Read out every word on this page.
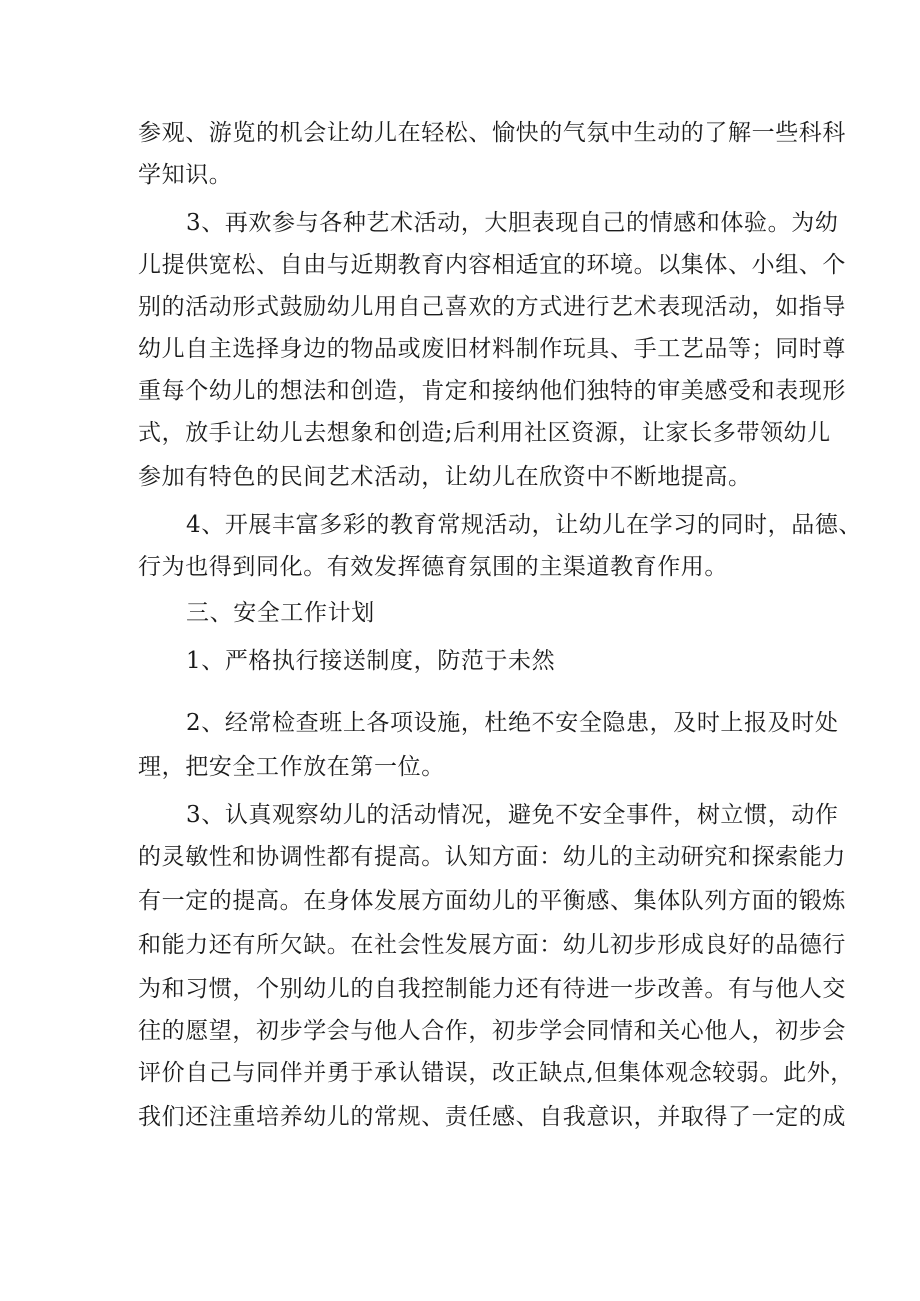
参观、游览的机会让幼儿在轻松、愉快的气氛中生动的了解一些科科
学知识。
3、再欢参与各种艺术活动，大胆表现自己的情感和体验。为幼
儿提供宽松、自由与近期教育内容相适宜的环境。以集体、小组、个
别的活动形式鼓励幼儿用自己喜欢的方式进行艺术表现活动，如指导
幼儿自主选择身边的物品或废旧材料制作玩具、手工艺品等；同时尊
重每个幼儿的想法和创造，肯定和接纳他们独特的审美感受和表现形
式，放手让幼儿去想象和创造;后利用社区资源，让家长多带领幼儿
参加有特色的民间艺术活动，让幼儿在欣资中不断地提高。
4、开展丰富多彩的教育常规活动，让幼儿在学习的同时，品德、
行为也得到同化。有效发挥德育氛围的主渠道教育作用。
三、安全工作计划
1、严格执行接送制度，防范于未然
2、经常检查班上各项设施，杜绝不安全隐患，及时上报及时处
理，把安全工作放在第一位。
3、认真观察幼儿的活动情况，避免不安全事件，树立惯，动作
的灵敏性和协调性都有提高。认知方面：幼儿的主动研究和探索能力
有一定的提高。在身体发展方面幼儿的平衡感、集体队列方面的锻炼
和能力还有所欠缺。在社会性发展方面：幼儿初步形成良好的品德行
为和习惯，个别幼儿的自我控制能力还有待进一步改善。有与他人交
往的愿望，初步学会与他人合作，初步学会同情和关心他人，初步会
评价自己与同伴并勇于承认错误，改正缺点,但集体观念较弱。此外，
我们还注重培养幼儿的常规、责任感、自我意识，并取得了一定的成
